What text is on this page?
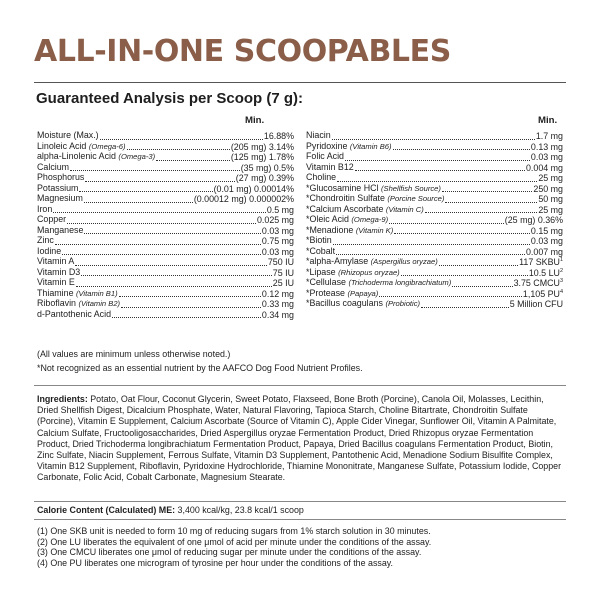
ALL-IN-ONE SCOOPABLES
Guaranteed Analysis per Scoop (7 g):
Min.	Min.
Moisture (Max.)	16.88%
Linoleic Acid (Omega-6)	(205 mg) 3.14%
alpha-Linolenic Acid (Omega-3)	(125 mg) 1.78%
Calcium	(35 mg) 0.5%
Phosphorus	(27 mg) 0.39%
Potassium	(0.01 mg) 0.00014%
Magnesium	(0.00012 mg) 0.000002%
Iron	0.5 mg
Copper	0.025 mg
Manganese	0.03 mg
Zinc	0.75 mg
Iodine	0.03 mg
Vitamin A	750 IU
Vitamin D3	75 IU
Vitamin E	25 IU
Thiamine (Vitamin B1)	0.12 mg
Riboflavin (Vitamin B2)	0.33 mg
d-Pantothenic Acid	0.34 mg
Niacin	1.7 mg
Pyridoxine (Vitamin B6)	0.13 mg
Folic Acid	0.03 mg
Vitamin B12	0.004 mg
Choline	25 mg
*Glucosamine HCl (Shellfish Source)	250 mg
*Chondroitin Sulfate (Porcine Source)	50 mg
*Calcium Ascorbate (Vitamin C)	25 mg
*Oleic Acid (Omega-9)	(25 mg) 0.36%
*Menadione (Vitamin K)	0.15 mg
*Biotin	0.03 mg
*Cobalt	0.007 mg
*alpha-Amylase (Aspergillus oryzae)	117 SKBU$^1$
*Lipase (Rhizopus oryzae)	10.5 $LU^2$
*Cellulase (Trichoderma longibrachiatum)	3.75 CMCU$^3$
*Protease (Papaya)	1,105 $PU^4$
*Bacillus coagulans (Probiotic)	5 Million CFU
(All values are minimum unless otherwise noted.)
*Not recognized as an essential nutrient by the AAFCO Dog Food Nutrient Profiles.

Ingredients: Potato, Oat Flour, Coconut Glycerin, Sweet Potato, Flaxseed, Bone Broth (Porcine), Canola Oil, Molasses, Lecithin, Dried Shellfish Digest, Dicalcium Phosphate, Water, Natural Flavoring, Tapioca Starch, Choline Bitartrate, Chondroitin Sulfate (Porcine), Vitamin E Supplement, Calcium Ascorbate (Source of Vitamin C), Apple Cider Vinegar, Sunflower Oil, Vitamin A Palmitate, Calcium Sulfate, Fructooligosaccharides, Dried Aspergillus oryzae Fermentation Product, Dried Rhizopus oryzae Fermentation Product, Dried Trichoderma longibrachiatum Fermentation Product, Papaya, Dried Bacillus coagulans Fermentation Product, Biotin, Zinc Sulfate, Niacin Supplement, Ferrous Sulfate, Vitamin D3 Supplement, Pantothenic Acid, Menadione Sodium Bisulfite Complex, Vitamin B12 Supplement, Riboflavin, Pyridoxine Hydrochloride, Thiamine Mononitrate, Manganese Sulfate, Potassium Iodide, Copper Carbonate, Folic Acid, Cobalt Carbonate, Magnesium Stearate.

Calorie Content (Calculated) ME: 3,400 kcal/kg, 23.8 kcal/1 scoop
(1) One SKB unit is needed to form 10 mg of reducing sugars from 1% starch solution in 30 minutes.
(2) One LU liberates the equivalent of one μmol of acid per minute under the conditions of the assay.
(3) One CMCU liberates one μmol of reducing sugar per minute under the conditions of the assay.
(4) One PU liberates one microgram of tyrosine per hour under the conditions of the assay.
